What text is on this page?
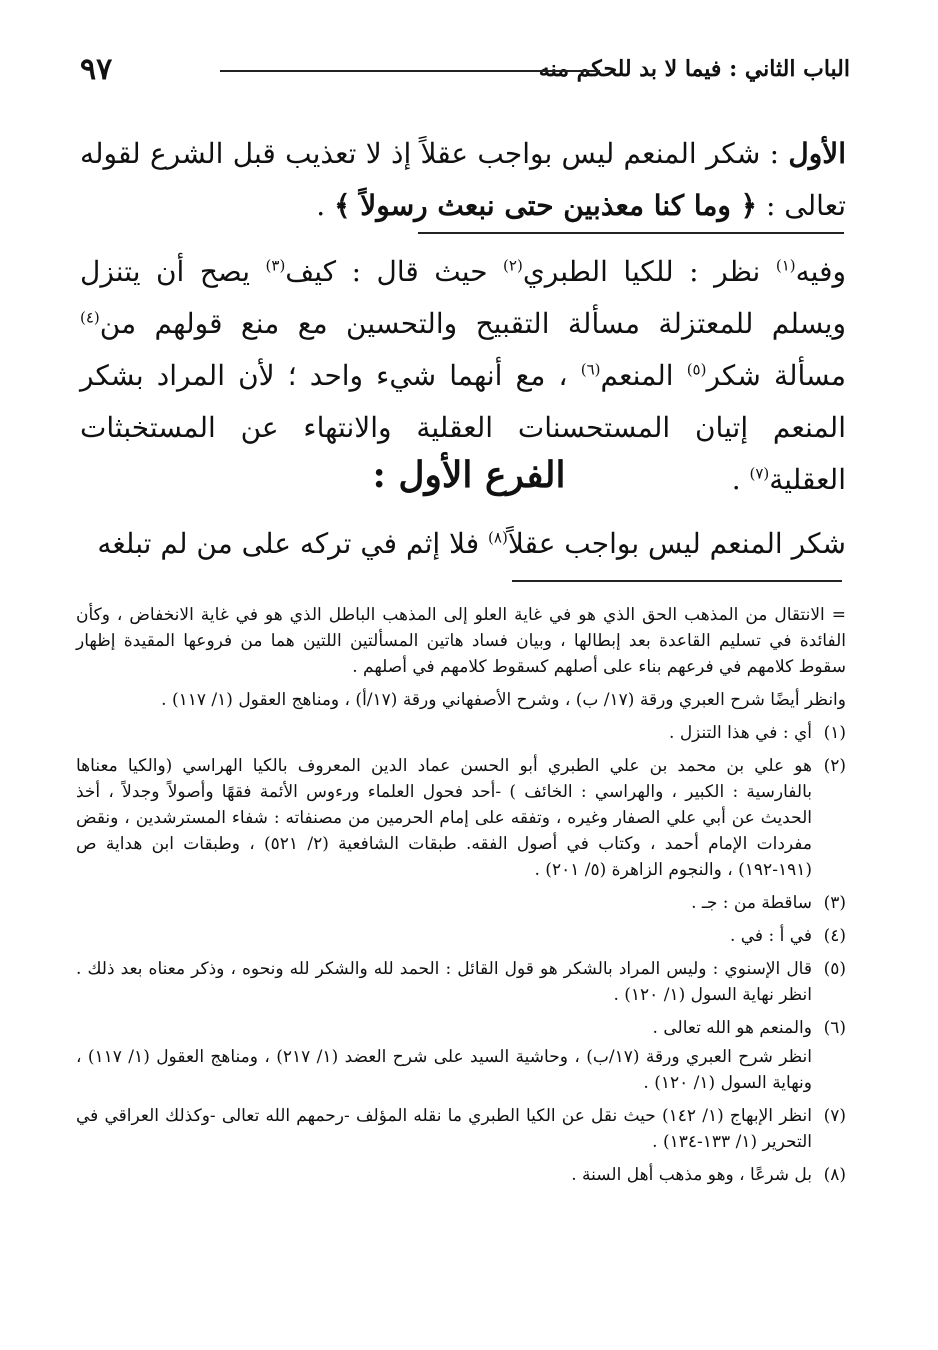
الباب الثاني : فيما لا بد للحكم منه
٩٧
الأول : شكر المنعم ليس بواجب عقلاً إذ لا تعذيب قبل الشرع لقوله تعالى : ﴿ وما كنا معذبين حتى نبعث رسولاً ﴾ .
وفيه$^{(١)}$ نظر : للكيا الطبري$^{(٢)}$ حيث قال : كيف$^{(٣)}$ يصح أن يتنزل ويسلم للمعتزلة مسألة التقبيح والتحسين مع منع قولهم من$^{(٤)}$ مسألة شكر$^{(٥)}$ المنعم$^{(٦)}$ ، مع أنهما شيء واحد ؛ لأن المراد بشكر المنعم إتيان المستحسنات العقلية والانتهاء عن المستخبثات العقلية$^{(٧)}$ .
الفرع الأول :
شكر المنعم ليس بواجب عقلاً$^{(٨)}$ فلا إثم في تركه على من لم تبلغه
= الانتقال من المذهب الحق الذي هو في غاية العلو إلى المذهب الباطل الذي هو في غاية الانخفاض ، وكأن الفائدة في تسليم القاعدة بعد إبطالها ، وبيان فساد هاتين المسألتين اللتين هما من فروعها المقيدة إظهار سقوط كلامهم في فرعهم بناء على أصلهم كسقوط كلامهم في أصلهم .
وانظر أيضًا شرح العبري ورقة (١٧/ ب) ، وشرح الأصفهاني ورقة (١٧/أ) ، ومناهج العقول (١/ ١١٧) .
(١)
أي : في هذا التنزل .
(٢)
هو علي بن محمد بن علي الطبري أبو الحسن عماد الدين المعروف بالكيا الهراسي (والكيا معناها بالفارسية : الكبير ، والهراسي : الخائف ) -أحد فحول العلماء ورءوس الأئمة فقهًا وأصولاً وجدلاً ، أخذ الحديث عن أبي علي الصفار وغيره ، وتفقه على إمام الحرمين من مصنفاته : شفاء المسترشدين ، ونقض مفردات الإمام أحمد ، وكتاب في أصول الفقه. طبقات الشافعية (٢/ ٥٢١) ، وطبقات ابن هداية ص (١٩١-١٩٢) ، والنجوم الزاهرة (٥/ ٢٠١) .
(٣)
ساقطة من : جـ .
(٤)
في أ : في .
(٥)
قال الإسنوي : وليس المراد بالشكر هو قول القائل : الحمد لله والشكر لله ونحوه ، وذكر معناه بعد ذلك . انظر نهاية السول (١/ ١٢٠) .
(٦)
والمنعم هو الله تعالى .
انظر شرح العبري ورقة (١٧/ب) ، وحاشية السيد على شرح العضد (١/ ٢١٧) ، ومناهج العقول (١/ ١١٧) ، ونهاية السول (١/ ١٢٠) .
(٧)
انظر الإبهاج (١/ ١٤٢) حيث نقل عن الكيا الطبري ما نقله المؤلف -رحمهم الله تعالى -وكذلك العراقي في التحرير (١/ ١٣٣-١٣٤) .
(٨)
بل شرعًا ، وهو مذهب أهل السنة .
